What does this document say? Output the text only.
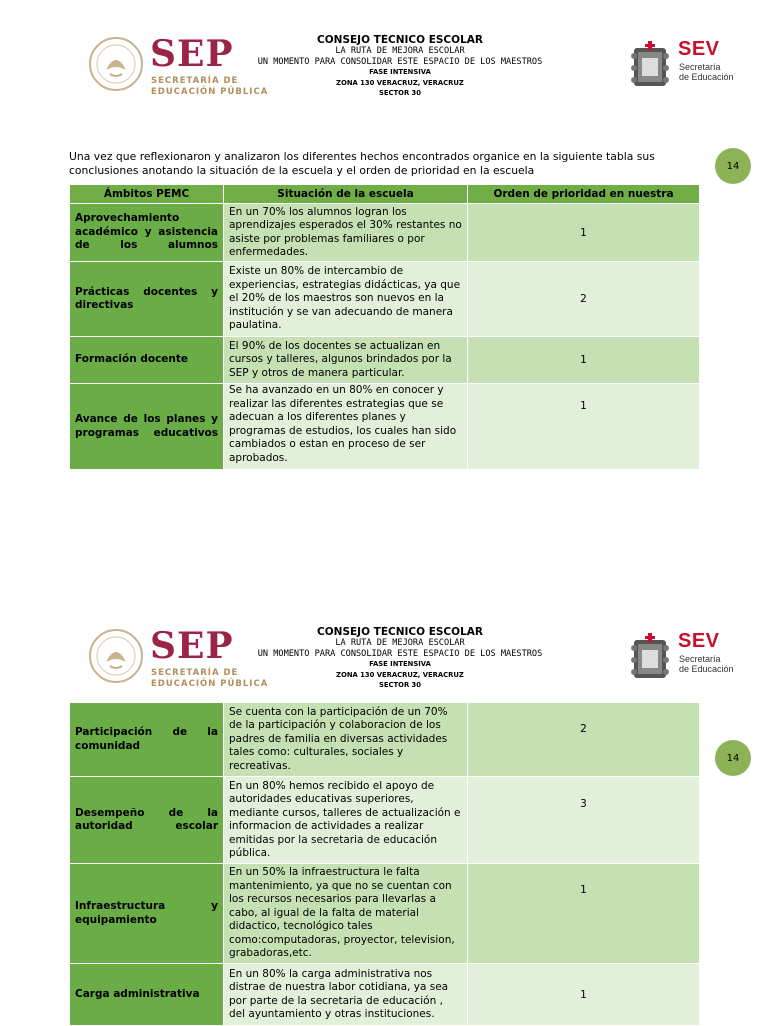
SEP
SECRETARÍA DE
EDUCACIÓN PÚBLICA
CONSEJO TÉCNICO ESCOLAR
LA RUTA DE MEJORA ESCOLAR
UN MOMENTO PARA CONSOLIDAR ESTE ESPACIO DE LOS MAESTROS
FASE INTENSIVA
ZONA 130 VERACRUZ, VERACRUZ
SECTOR 30
SEV
Secretaría
de Educación
14
Una vez que reflexionaron y analizaron los diferentes hechos encontrados organice en la siguiente tabla sus conclusiones anotando la situación de la escuela y el orden de prioridad en la escuela
Ámbitos PEMC	Situación de la escuela	Orden de prioridad en nuestra
Aprovechamiento académico y asistencia de los alumnos	En un 70% los alumnos logran los aprendizajes esperados el 30% restantes no asiste por problemas familiares o por enfermedades.	1
Prácticas docentes y directivas	Existe un 80% de intercambio de experiencias, estrategias didácticas, ya que el 20% de los maestros son nuevos en la institución y se van adecuando de manera paulatina.	2
Formación docente	El 90% de los docentes se actualizan en cursos y talleres, algunos brindados por la SEP y otros de manera particular.	1
Avance de los planes y programas educativos	Se ha avanzado en un 80% en conocer y realizar las diferentes estrategias que se adecuan a los diferentes planes y programas de estudios, los cuales han sido cambiados o estan en proceso de ser aprobados.	1
SEP
SECRETARÍA DE
EDUCACIÓN PÚBLICA
CONSEJO TÉCNICO ESCOLAR
LA RUTA DE MEJORA ESCOLAR
UN MOMENTO PARA CONSOLIDAR ESTE ESPACIO DE LOS MAESTROS
FASE INTENSIVA
ZONA 130 VERACRUZ, VERACRUZ
SECTOR 30
SEV
Secretaría
de Educación
14
Participación de la comunidad	Se cuenta con la participación de un 70% de la participación y colaboracion de los padres de familia en diversas actividades tales como: culturales, sociales y recreativas.	2
Desempeño de la autoridad escolar	En un 80% hemos recibido el apoyo de autoridades educativas superiores, mediante cursos, talleres de actualización e informacion de actividades a realizar emitidas por la secretaria de educación pública.	3
Infraestructura y equipamiento	En un 50% la infraestructura le falta mantenimiento, ya que no se cuentan con los recursos necesarios para llevarlas a cabo, al igual de la falta de material didactico, tecnológico tales como:computadoras, proyector, television, grabadoras,etc.	1
Carga administrativa	En un 80% la carga administrativa nos distrae de nuestra labor cotidiana, ya sea por parte de la secretaria de educación , del ayuntamiento y otras instituciones.	1
